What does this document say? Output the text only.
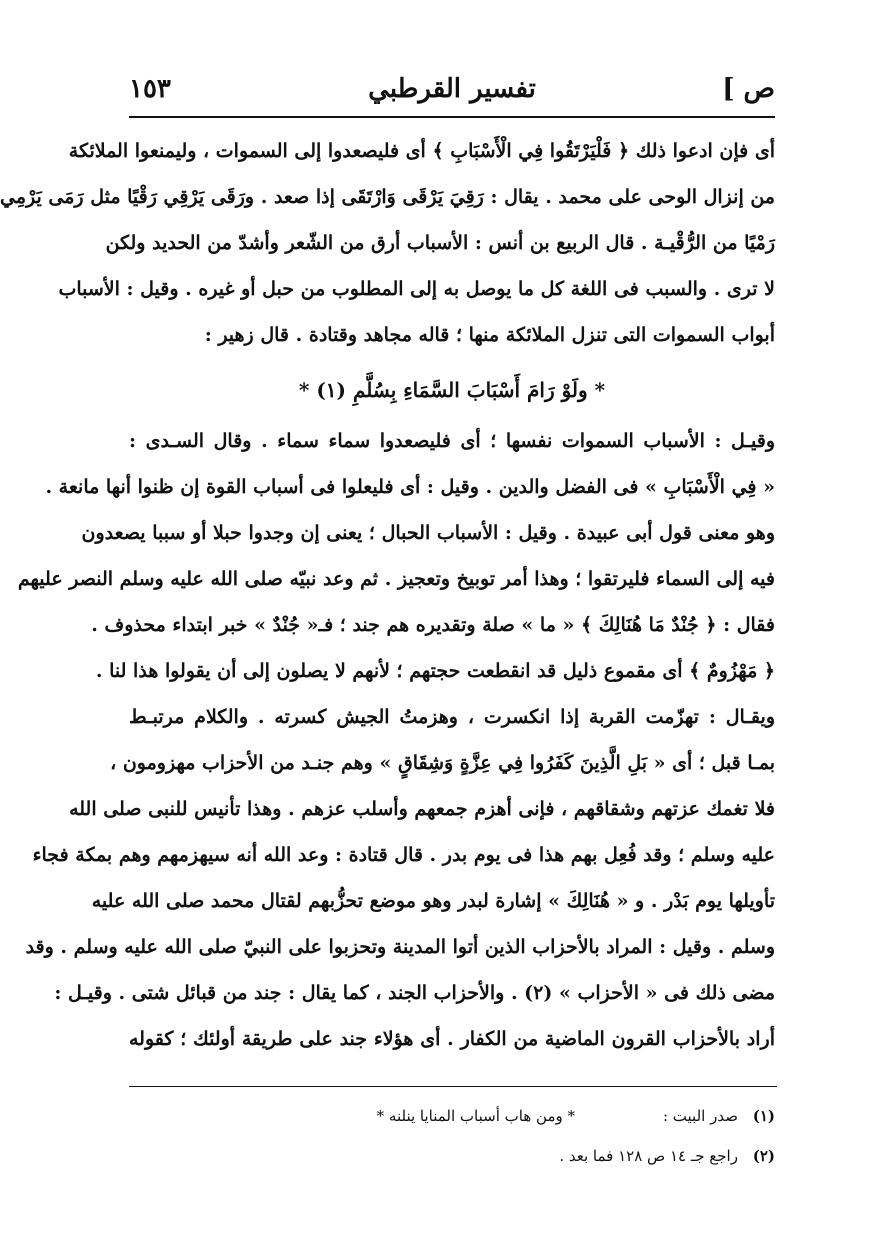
ص ]
تفسير القرطبي
١٥٣
أى فإن ادعوا ذلك ﴿ فَلْيَرْتَقُوا فِي الْأَسْبَابِ ﴾ أى فليصعدوا إلى السموات ، وليمنعوا الملائكة
من إنزال الوحى على محمد . يقال : رَقِيَ يَرْقَى وَارْتَقَى إذا صعد . ورَقَى يَرْقِي رَقْيًا مثل رَمَى يَرْمِي
رَمْيًا من الرُّقْيـة . قال الربيع بن أنس : الأسباب أرق من الشّعر وأشدّ من الحديد ولكن
لا ترى . والسبب فى اللغة كل ما يوصل به إلى المطلوب من حبل أو غيره . وقيل : الأسباب
أبواب السموات التى تنزل الملائكة منها ؛ قاله مجاهد وقتادة . قال زهير :
* ولَوْ رَامَ أَسْبَابَ السَّمَاءِ بِسُلَّمِ (١) *
وقيـل : الأسباب السموات نفسها ؛ أى فليصعدوا سماء سماء . وقال السـدى :
« فِي الْأَسْبَابِ » فى الفضل والدين . وقيل : أى فليعلوا فى أسباب القوة إن ظنوا أنها مانعة .
وهو معنى قول أبى عبيدة . وقيل : الأسباب الحبال ؛ يعنى إن وجدوا حبلا أو سببا يصعدون
فيه إلى السماء فليرتقوا ؛ وهذا أمر توبيخ وتعجيز . ثم وعد نبيّه صلى الله عليه وسلم النصر عليهم
فقال : ﴿ جُنْدٌ مَا هُنَالِكَ ﴾ « ما » صلة وتقديره هم جند ؛ فـ« جُنْدٌ » خبر ابتداء محذوف .
﴿ مَهْزُومٌ ﴾ أى مقموع ذليل قد انقطعت حجتهم ؛ لأنهم لا يصلون إلى أن يقولوا هذا لنا .
ويقـال : تهزّمت القربة إذا انكسرت ، وهزمتُ الجيش كسرته . والكلام مرتبـط
بمـا قبل ؛ أى « بَلِ الَّذِينَ كَفَرُوا فِي عِزَّةٍ وَشِقَاقٍ » وهم جنـد من الأحزاب مهزومون ،
فلا تغمك عزتهم وشقاقهم ، فإنى أهزم جمعهم وأسلب عزهم . وهذا تأنيس للنبى صلى الله
عليه وسلم ؛ وقد فُعِل بهم هذا فى يوم بدر . قال قتادة : وعد الله أنه سيهزمهم وهم بمكة فجاء
تأويلها يوم بَدْر . و « هُنَالِكَ » إشارة لبدر وهو موضع تحزُّبهم لقتال محمد صلى الله عليه
وسلم . وقيل : المراد بالأحزاب الذين أتوا المدينة وتحزبوا على النبيّ صلى الله عليه وسلم . وقد
مضى ذلك فى « الأحزاب » (٢) . والأحزاب الجند ، كما يقال : جند من قبائل شتى . وقيـل :
أراد بالأحزاب القرون الماضية من الكفار . أى هؤلاء جند على طريقة أولئك ؛ كقوله
(١) صدر البيت :
* ومن هاب أسباب المنايا ينلنه *
(٢) راجع جـ ١٤ ص ١٢٨ فما بعد .
